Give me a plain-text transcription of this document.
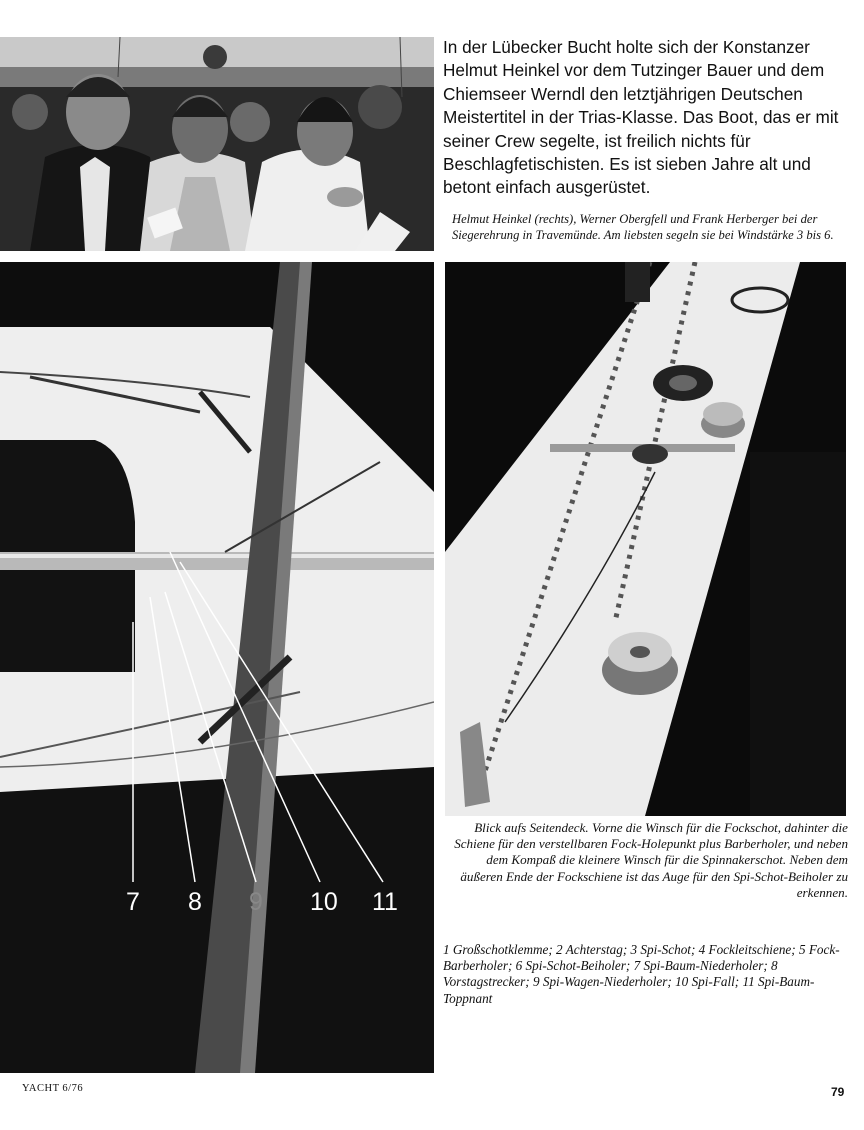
In der Lübecker Bucht holte sich der Konstanzer Helmut Heinkel vor dem Tutzinger Bauer und dem Chiemseer Werndl den letztjährigen Deutschen Meistertitel in der Trias-Klasse. Das Boot, das er mit seiner Crew segelte, ist freilich nichts für Beschlagfetischisten. Es ist sieben Jahre alt und betont einfach ausgerüstet.

Helmut Heinkel (rechts), Werner Obergfell und Frank Herberger bei der Siegerehrung in Travemünde. Am liebsten segeln sie bei Windstärke 3 bis 6.

7 8 9 10 11

Blick aufs Seitendeck. Vorne die Winsch für die Fockschot, dahinter die Schiene für den verstellbaren Fock-Holepunkt plus Barberholer, und neben dem Kompaß die kleinere Winsch für die Spinnakerschot. Neben dem äußeren Ende der Fockschiene ist das Auge für den Spi-Schot-Beiholer zu erkennen.

1 Großschotklemme; 2 Achterstag; 3 Spi-Schot; 4 Fockleitschiene; 5 Fock-Barberholer; 6 Spi-Schot-Beiholer; 7 Spi-Baum-Niederholer; 8 Vorstagstrecker; 9 Spi-Wagen-Niederholer; 10 Spi-Fall; 11 Spi-Baum-Toppnant

YACHT 6/76	79
